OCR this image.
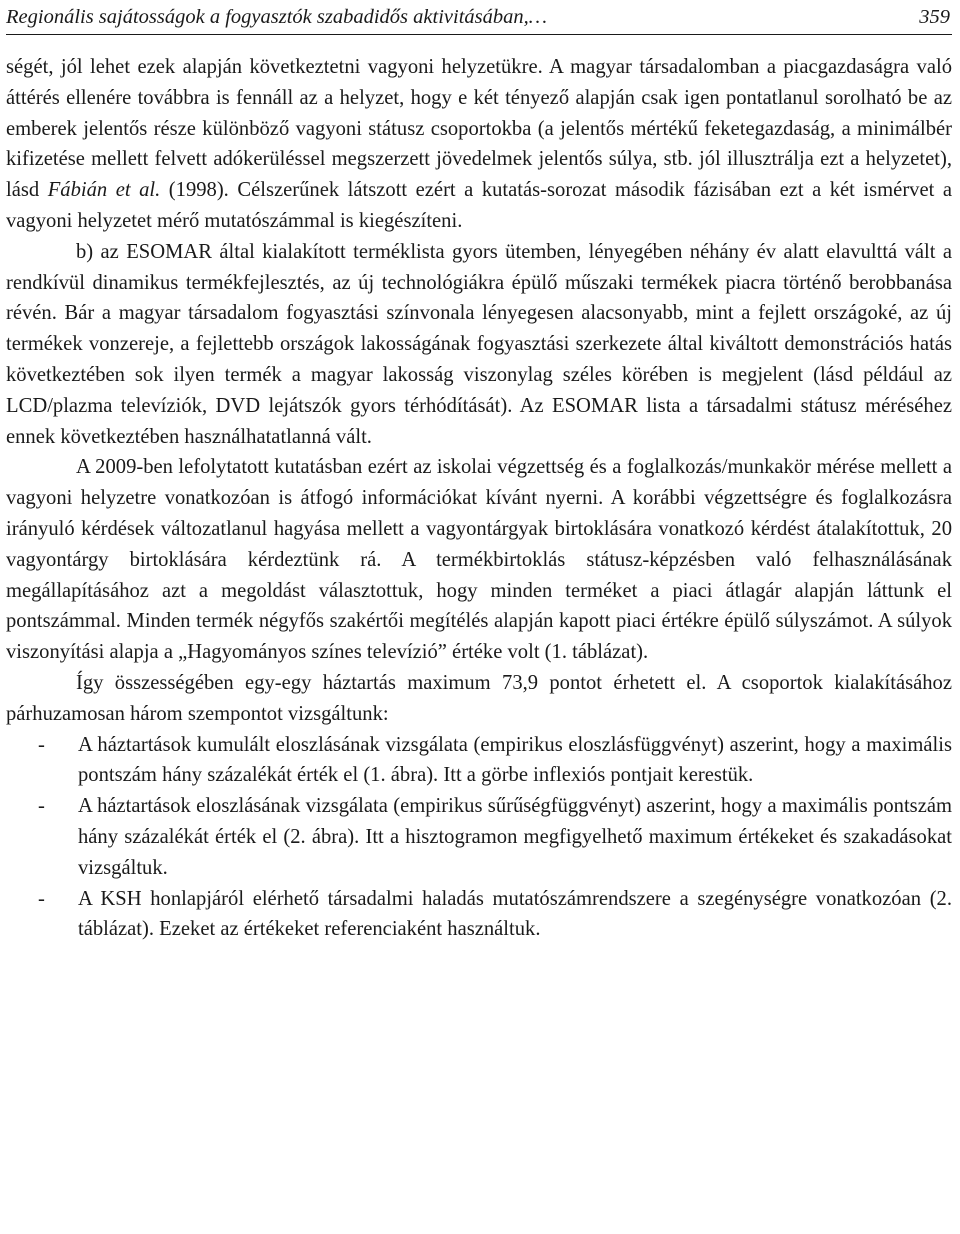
Regionális sajátosságok a fogyasztók szabadidős aktivitásában,…	359

ségét, jól lehet ezek alapján következtetni vagyoni helyzetükre. A magyar társadalomban a piacgazdaságra való áttérés ellenére továbbra is fennáll az a helyzet, hogy e két tényező alapján csak igen pontatlanul sorolható be az emberek jelentős része különböző vagyoni státusz csoportokba (a jelentős mértékű feketegazdaság, a minimálbér kifizetése mellett felvett adókerüléssel megszerzett jövedelmek jelentős súlya, stb. jól illusztrálja ezt a helyzetet), lásd Fábián et al. (1998). Célszerűnek látszott ezért a kutatás-sorozat második fázisában ezt a két ismérvet a vagyoni helyzetet mérő mutatószámmal is kiegészíteni.

b) az ESOMAR által kialakított terméklista gyors ütemben, lényegében néhány év alatt elavulttá vált a rendkívül dinamikus termékfejlesztés, az új technológiákra épülő műszaki termékek piacra történő berobbanása révén. Bár a magyar társadalom fogyasztási színvonala lényegesen alacsonyabb, mint a fejlett országoké, az új termékek vonzereje, a fejlettebb országok lakosságának fogyasztási szerkezete által kiváltott demonstrációs hatás következtében sok ilyen termék a magyar lakosság viszonylag széles körében is megjelent (lásd például az LCD/plazma televíziók, DVD lejátszók gyors térhódítását). Az ESOMAR lista a társadalmi státusz méréséhez ennek következtében használhatatlanná vált.

A 2009-ben lefolytatott kutatásban ezért az iskolai végzettség és a foglalkozás/munkakör mérése mellett a vagyoni helyzetre vonatkozóan is átfogó információkat kívánt nyerni. A korábbi végzettségre és foglalkozásra irányuló kérdések változatlanul hagyása mellett a vagyontárgyak birtoklására vonatkozó kérdést átalakítottuk, 20 vagyontárgy birtoklására kérdeztünk rá. A termékbirtoklás státusz-képzésben való felhasználásának megállapításához azt a megoldást választottuk, hogy minden terméket a piaci átlagár alapján láttunk el pontszámmal. Minden termék négyfős szakértői megítélés alapján kapott piaci értékre épülő súlyszámot. A súlyok viszonyítási alapja a „Hagyományos színes televízió” értéke volt (1. táblázat).

Így összességében egy-egy háztartás maximum 73,9 pontot érhetett el. A csoportok kialakításához párhuzamosan három szempontot vizsgáltunk:

- A háztartások kumulált eloszlásának vizsgálata (empirikus eloszlásfüggvényt) aszerint, hogy a maximális pontszám hány százalékát érték el (1. ábra). Itt a görbe inflexiós pontjait kerestük.
- A háztartások eloszlásának vizsgálata (empirikus sűrűségfüggvényt) aszerint, hogy a maximális pontszám hány százalékát érték el (2. ábra). Itt a hisztogramon megfigyelhető maximum értékeket és szakadásokat vizsgáltuk.
- A KSH honlapjáról elérhető társadalmi haladás mutatószámrendszere a szegénységre vonatkozóan (2. táblázat). Ezeket az értékeket referenciaként használtuk.
